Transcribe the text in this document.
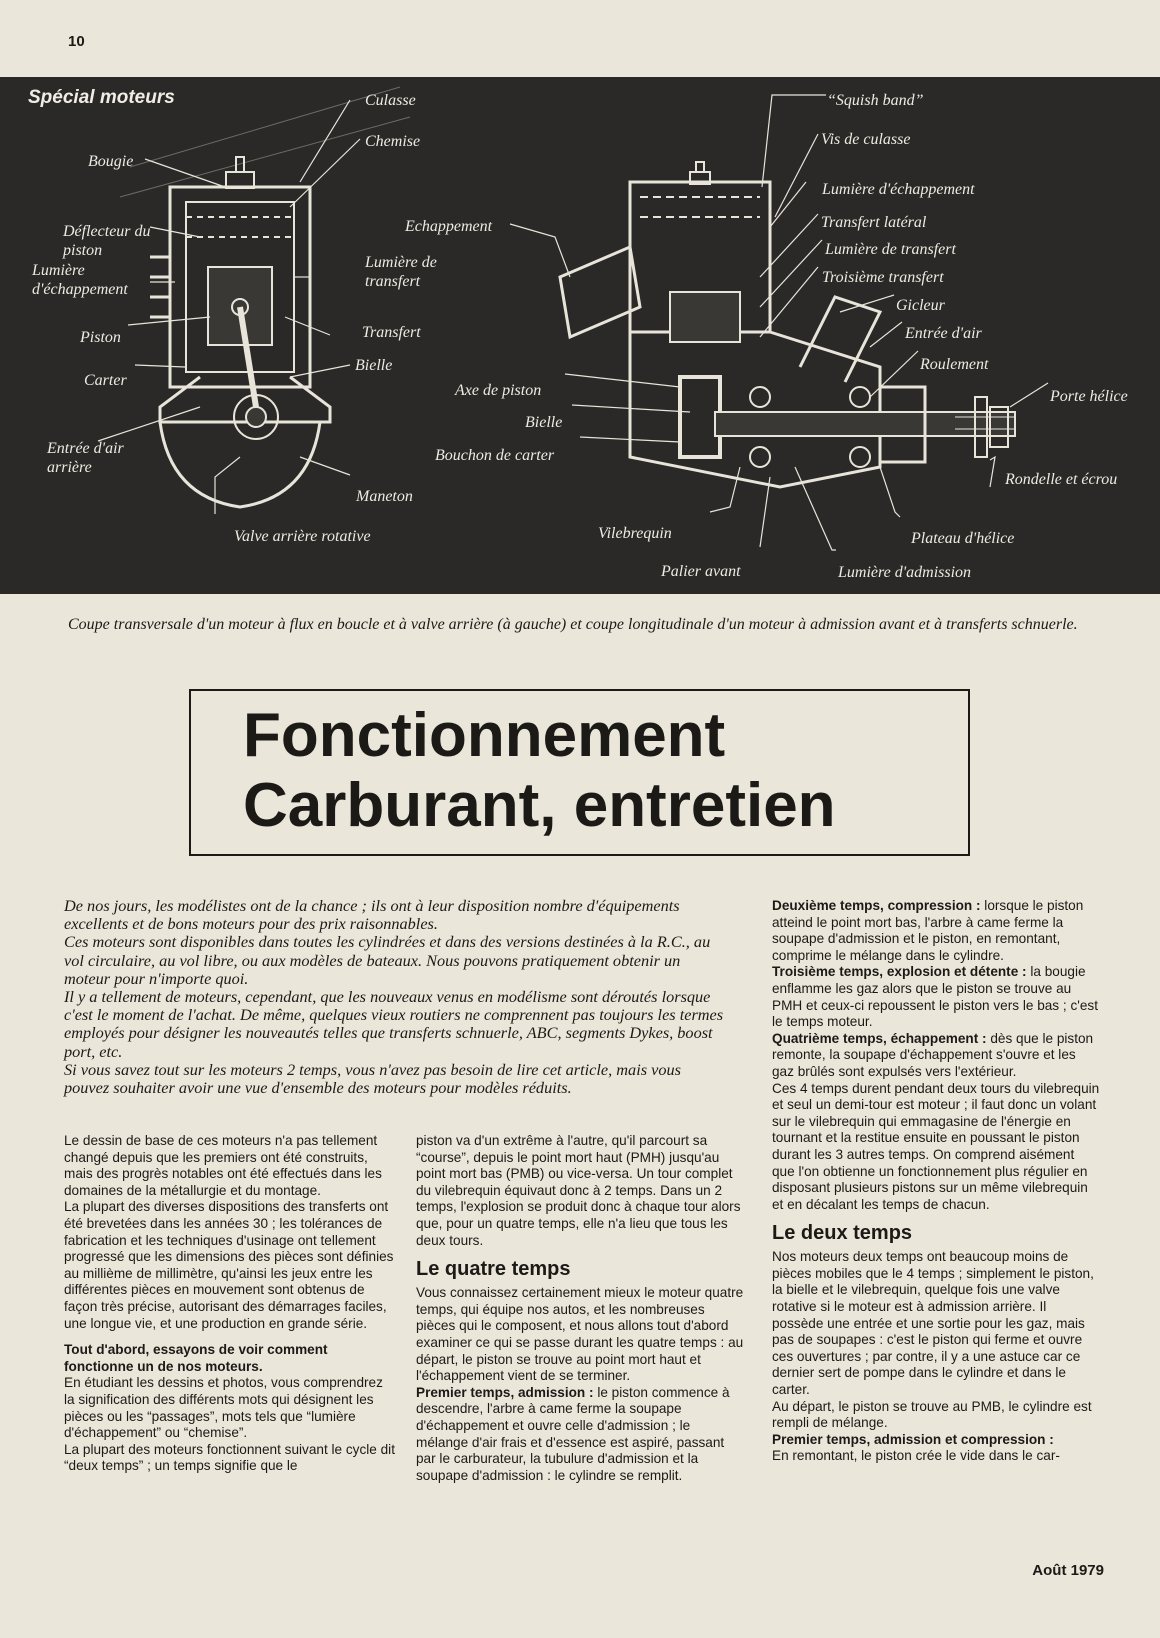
10
Spécial moteurs	Culasse
Chemise
Bougie
Déflecteur du
piston
Lumière
d'échappement
Echappement
Lumière de
transfert
Piston	Transfert
Bielle
Carter
Entrée d'air
arrière
Maneton
Valve arrière rotative
“Squish band”
Vis de culasse
Lumière d'échappement
Transfert latéral
Lumière de transfert
Troisième transfert
Gicleur
Entrée d'air
Roulement
Porte hélice
Axe de piston
Bielle
Bouchon de carter
Rondelle et écrou
Vilebrequin	Plateau d'hélice
Palier avant	Lumière d'admission
Coupe transversale d'un moteur à flux en boucle et à valve arrière (à gauche) et coupe longitudinale d'un moteur à admission avant et à transferts schnuerle.
Fonctionnement
Carburant, entretien

De nos jours, les modélistes ont de la chance ; ils ont à leur disposition nombre d'équipements excellents et de bons moteurs pour des prix raisonnables.

Ces moteurs sont disponibles dans toutes les cylindrées et dans des versions destinées à la R.C., au vol circulaire, au vol libre, ou aux modèles de bateaux. Nous pouvons pratiquement obtenir un moteur pour n'importe quoi.

Il y a tellement de moteurs, cependant, que les nouveaux venus en modélisme sont déroutés lorsque c'est le moment de l'achat. De même, quelques vieux routiers ne comprennent pas toujours les termes employés pour désigner les nouveautés telles que transferts schnuerle, ABC, segments Dykes, boost port, etc.

Si vous savez tout sur les moteurs 2 temps, vous n'avez pas besoin de lire cet article, mais vous pouvez souhaiter avoir une vue d'ensemble des moteurs pour modèles réduits.

Le dessin de base de ces moteurs n'a pas tellement changé depuis que les premiers ont été construits, mais des progrès notables ont été effectués dans les domaines de la métallurgie et du montage.

La plupart des diverses dispositions des transferts ont été brevetées dans les années 30 ; les tolérances de fabrication et les techniques d'usinage ont tellement progressé que les dimensions des pièces sont définies au millième de millimètre, qu'ainsi les jeux entre les différentes pièces en mouvement sont obtenus de façon très précise, autorisant des démarrages faciles, une longue vie, et une production en grande série.

Tout d'abord, essayons de voir comment fonctionne un de nos moteurs.

En étudiant les dessins et photos, vous comprendrez la signification des différents mots qui désignent les pièces ou les “passages”, mots tels que “lumière d'échappement” ou “chemise”.

La plupart des moteurs fonctionnent suivant le cycle dit “deux temps” ; un temps signifie que le

piston va d'un extrême à l'autre, qu'il parcourt sa “course”, depuis le point mort haut (PMH) jusqu'au point mort bas (PMB) ou vice-versa. Un tour complet du vilebrequin équivaut donc à 2 temps. Dans un 2 temps, l'explosion se produit donc à chaque tour alors que, pour un quatre temps, elle n'a lieu que tous les deux tours.

Le quatre temps

Vous connaissez certainement mieux le moteur quatre temps, qui équipe nos autos, et les nombreuses pièces qui le composent, et nous allons tout d'abord examiner ce qui se passe durant les quatre temps : au départ, le piston se trouve au point mort haut et l'échappement vient de se terminer.

Premier temps, admission : le piston commence à descendre, l'arbre à came ferme la soupape d'échappement et ouvre celle d'admission ; le mélange d'air frais et d'essence est aspiré, passant par le carburateur, la tubulure d'admission et la soupape d'admission : le cylindre se remplit.

Deuxième temps, compression : lorsque le piston atteind le point mort bas, l'arbre à came ferme la soupape d'admission et le piston, en remontant, comprime le mélange dans le cylindre.

Troisième temps, explosion et détente : la bougie enflamme les gaz alors que le piston se trouve au PMH et ceux-ci repoussent le piston vers le bas ; c'est le temps moteur.

Quatrième temps, échappement : dès que le piston remonte, la soupape d'échappement s'ouvre et les gaz brûlés sont expulsés vers l'extérieur.

Ces 4 temps durent pendant deux tours du vilebrequin et seul un demi-tour est moteur ; il faut donc un volant sur le vilebrequin qui emmagasine de l'énergie en tournant et la restitue ensuite en poussant le piston durant les 3 autres temps. On comprend aisément que l'on obtienne un fonctionnement plus régulier en disposant plusieurs pistons sur un même vilebrequin et en décalant les temps de chacun.

Le deux temps

Nos moteurs deux temps ont beaucoup moins de pièces mobiles que le 4 temps ; simplement le piston, la bielle et le vilebrequin, quelque fois une valve rotative si le moteur est à admission arrière. Il possède une entrée et une sortie pour les gaz, mais pas de soupapes : c'est le piston qui ferme et ouvre ces ouvertures ; par contre, il y a une astuce car ce dernier sert de pompe dans le cylindre et dans le carter.

Au départ, le piston se trouve au PMB, le cylindre est rempli de mélange.

Premier temps, admission et compression :

En remontant, le piston crée le vide dans le car-

Août 1979
